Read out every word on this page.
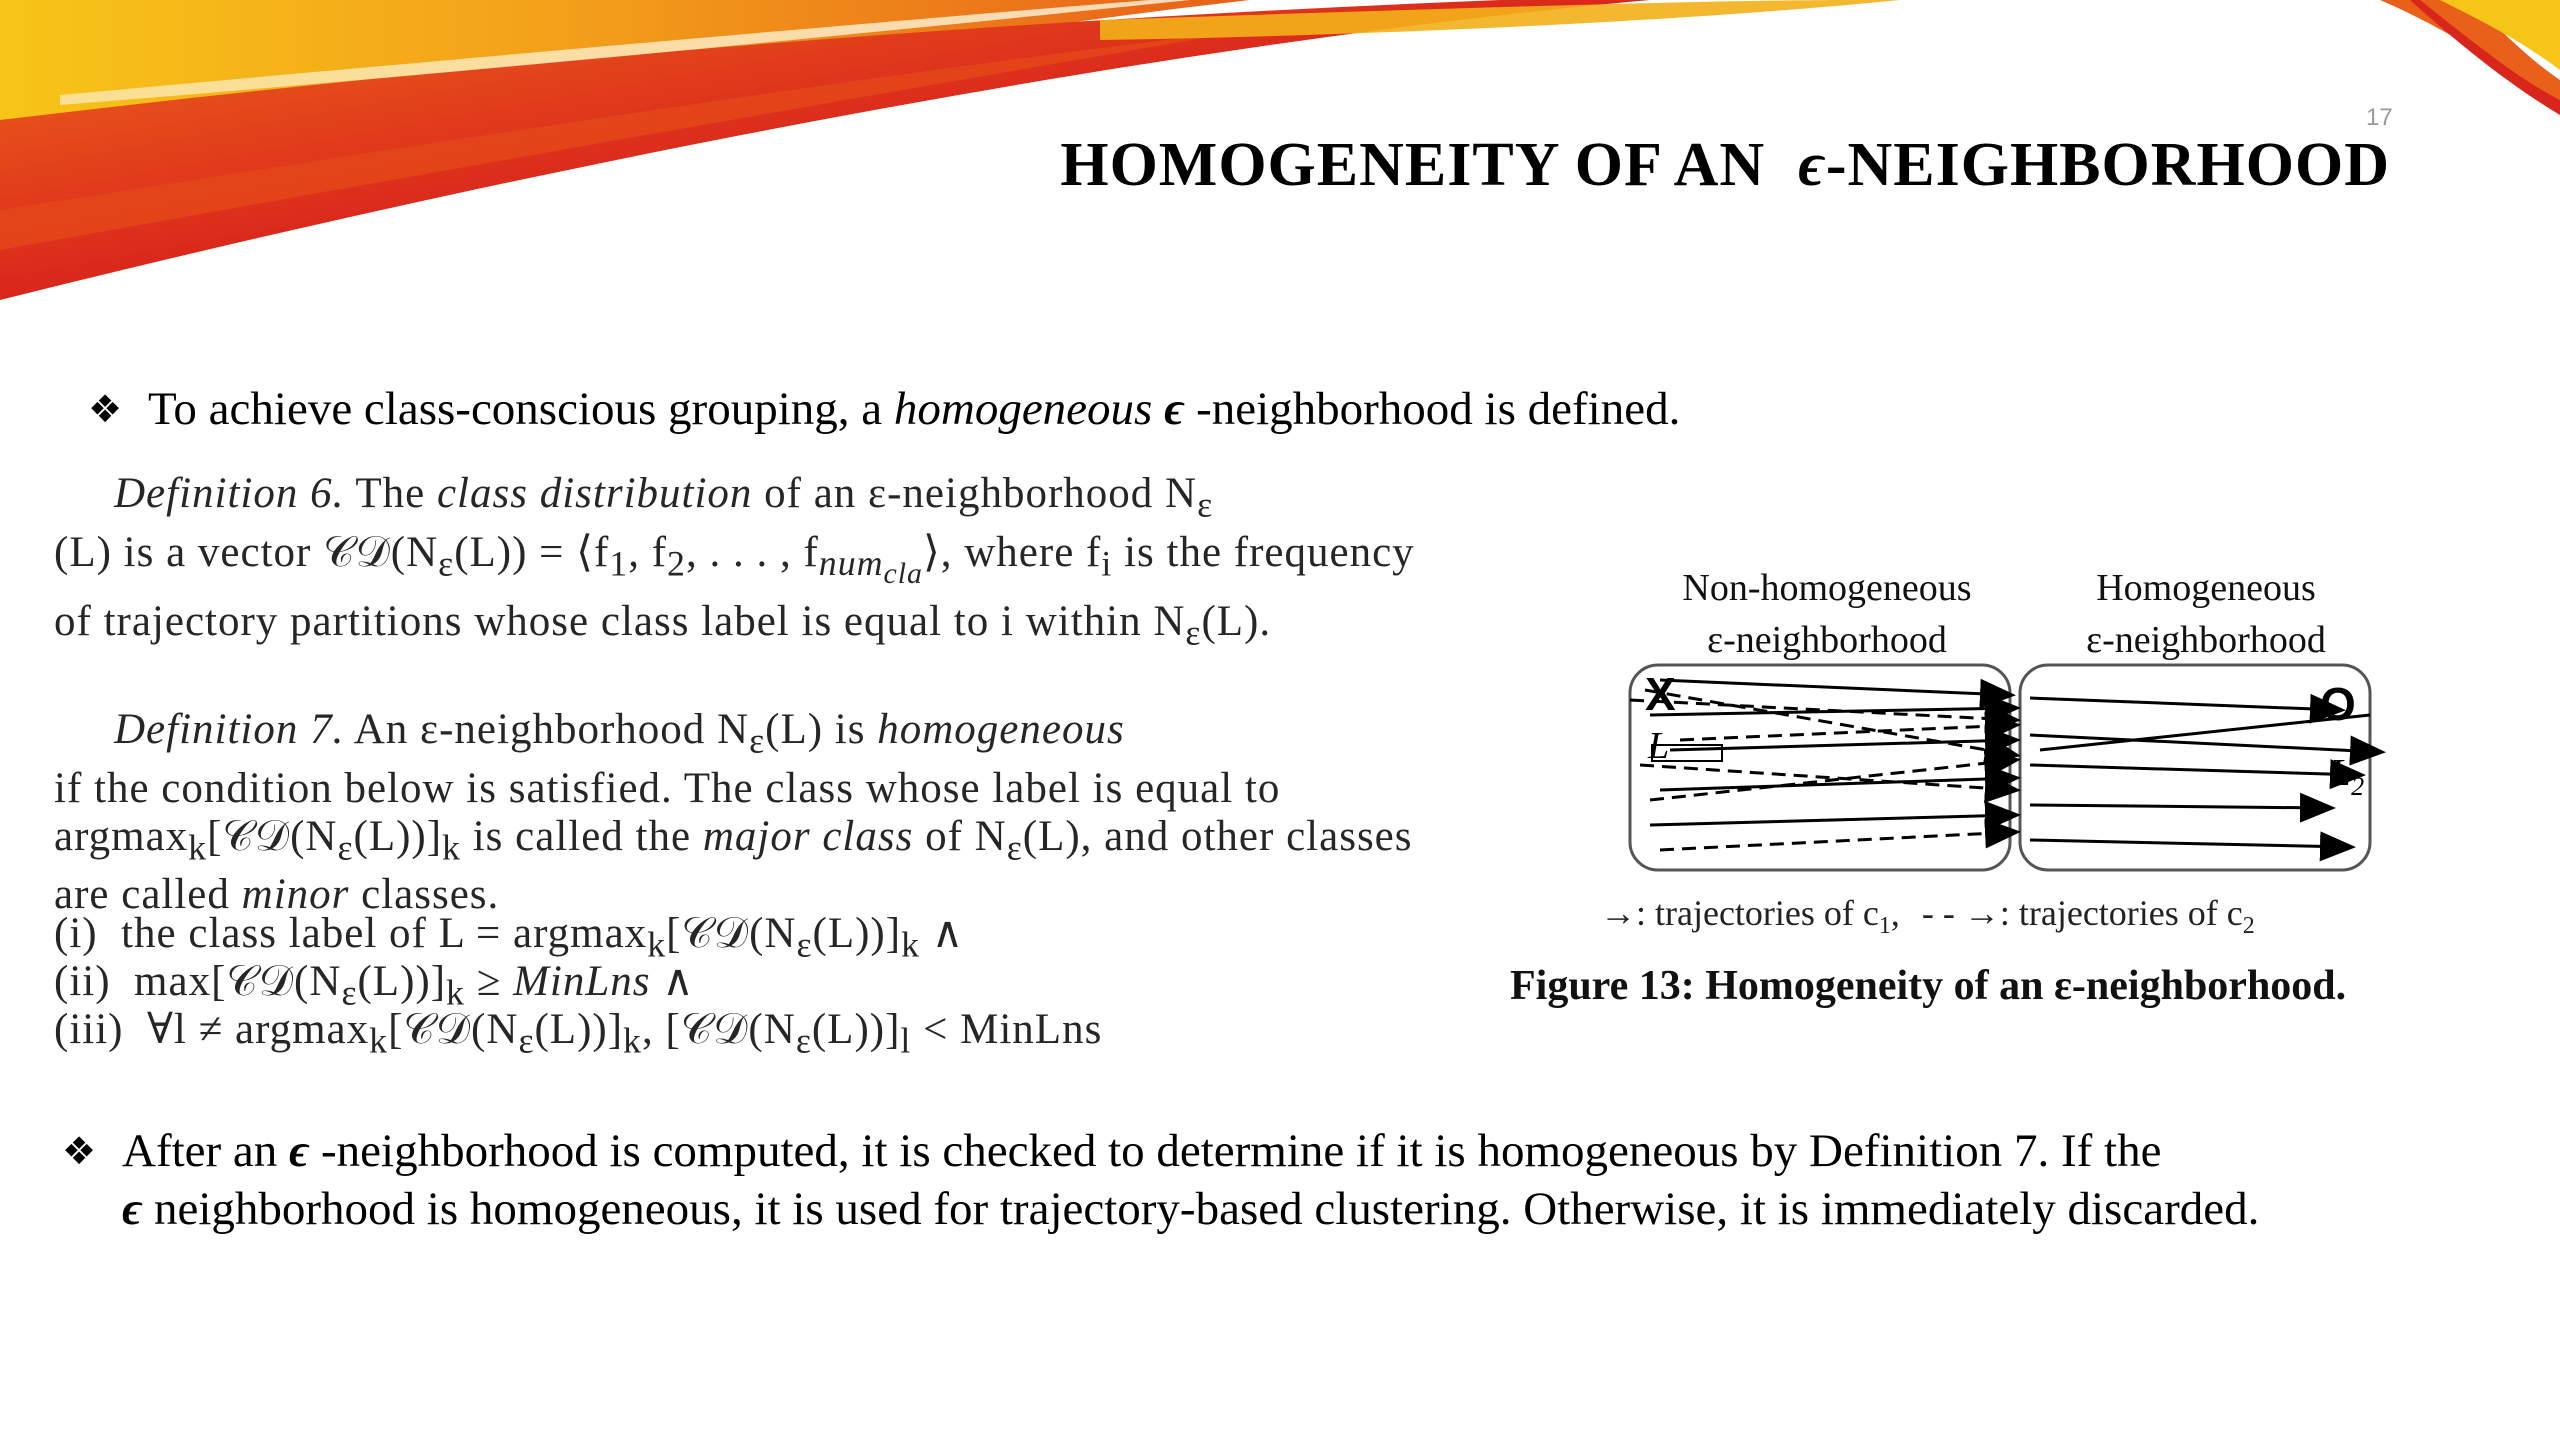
17
HOMOGENEITY OF AN ϵ-NEIGHBORHOOD
❖ To achieve class-conscious grouping, a homogeneous ϵ -neighborhood is defined.

Definition 6. The class distribution of an ε-neighborhood $N_\varepsilon$

(L) is a vector $𝒞𝒟(N_\varepsilon(L))$ = $⟨f_1$, $f_2$, . . . , $f_{num_{cla}}⟩$, where $f_i$ is the frequency of trajectory partitions whose class label is equal to i within $N_\varepsilon(L)$.

Definition 7. An ε-neighborhood $N_\varepsilon(L)$ is homogeneous

if the condition below is satisfied. The class whose label is equal to $argmax_k[𝒞𝒟(N_\varepsilon(L))]_k$ is called the major class of $N_\varepsilon(L)$, and other classes are called minor classes.

(i) the class label of $L = argmax_k[𝒞𝒟(N_\varepsilon(L))]_k$ ∧
(ii) $\max[𝒞𝒟(N_\varepsilon(L))]_k$ ≥ MinLns ∧
(iii) ∀l ≠ $argmax_k[𝒞𝒟(N_\varepsilon(L))]_k$, $[𝒞𝒟(N_\varepsilon(L))]_l$ < MinLns
Non-homogeneous
ε-neighborhood
Homogeneous
ε-neighborhood
X	O
L
$L_2$
→: trajectories of $c_1$, - - →: trajectories of $c_2$
Figure 13: Homogeneity of an ε-neighborhood.
❖ After an ϵ -neighborhood is computed, it is checked to determine if it is homogeneous by Definition 7. If the
ϵ neighborhood is homogeneous, it is used for trajectory-based clustering. Otherwise, it is immediately discarded.
